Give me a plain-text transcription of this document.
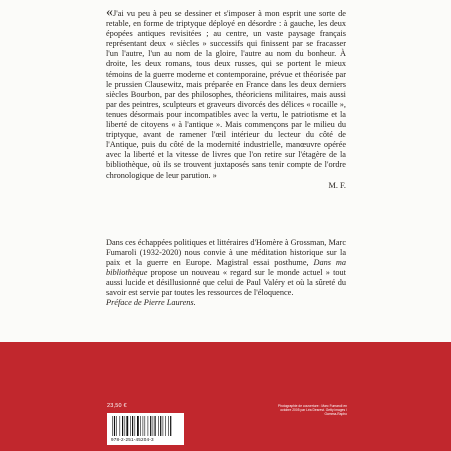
«J'ai vu peu à peu se dessiner et s'imposer à mon esprit une sorte de retable, en forme de triptyque déployé en désordre : à gauche, les deux épopées antiques revisitées ; au centre, un vaste paysage français représentant deux « siècles » successifs qui finissent par se fracasser l'un l'autre, l'un au nom de la gloire, l'autre au nom du bonheur. À droite, les deux romans, tous deux russes, qui se portent le mieux témoins de la guerre moderne et contemporaine, prévue et théorisée par le prussien Clausewitz, mais préparée en France dans les deux derniers siècles Bourbon, par des philosophes, théoriciens militaires, mais aussi par des peintres, sculpteurs et graveurs divorcés des délices « rocaille », tenues désormais pour incompatibles avec la vertu, le patriotisme et la liberté de citoyens « à l'antique ». Mais commençons par le milieu du triptyque, avant de ramener l'œil intérieur du lecteur du côté de l'Antique, puis du côté de la modernité industrielle, manœuvre opérée avec la liberté et la vitesse de livres que l'on retire sur l'étagère de la bibliothèque, où ils se trouvent juxtaposés sans tenir compte de l'ordre chronologique de leur parution. »

M. F.

Dans ces échappées politiques et littéraires d'Homère à Grossman, Marc Fumaroli (1932-2020) nous convie à une méditation historique sur la paix et la guerre en Europe. Magistral essai posthume, Dans ma bibliothèque propose un nouveau « regard sur le monde actuel » tout aussi lucide et désillusionné que celui de Paul Valéry et où la sûreté du savoir est servie par toutes les ressources de l'éloquence.

Préface de Pierre Laurens.

23,50 €
978-2-251-45204-3
Photographie de couverture : Marc Fumaroli en octobre 2005 par Léa Desrest. Getty images / Gamma-Rapho
